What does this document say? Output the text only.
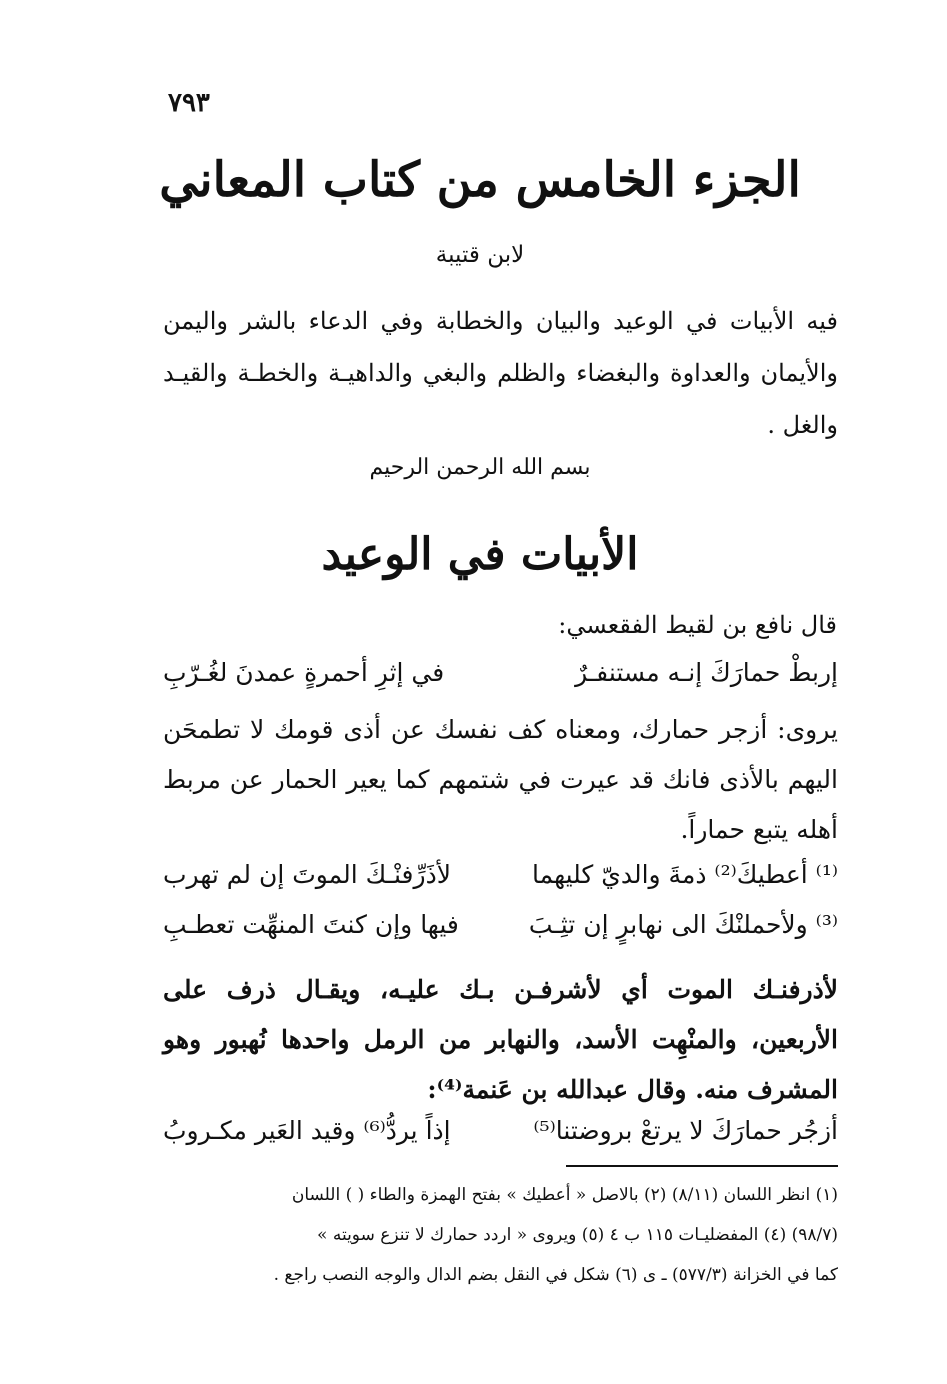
٧٩٣
الجزء الخامس من كتاب المعاني
لابن قتيبة
فيه الأبيات في الوعيد والبيان والخطابة وفي الدعاء بالشر واليمن والأيمان والعداوة والبغضاء والظلم والبغي والداهيـة والخطـة والقيـد والغل .
بسم الله الرحمن الرحيم
الأبيات في الوعيد
قال نافع بن لقيط الفقعسي:
إربطْ حمارَكَ إنـه مستنفـرٌ
في إثرِ أحمرةٍ عمدنَ لغُـرّبِ
يروى: أزجر حمارك، ومعناه كف نفسك عن أذى قومك لا تطمحَن اليهم بالأذى فانك قد عيرت في شتمهم كما يعير الحمار عن مربط أهله يتبع حماراً.
⁽¹⁾ أعطيكَ⁽²⁾ ذمةَ والديّ كليهما
لأذَرِّفنْـكَ الموتَ إن لم تهرب
⁽³⁾ ولأحملنْكَ الى نهابرٍ إن تثِـبَ
فيها وإن كنتَ المنهِّت تعطـبِ
لأذرفنـك الموت أي لأشرفـن بـك عليـه، ويقـال ذرف على الأربعين، والمنْهِت الأسد، والنهابر من الرمل واحدها نُهبور وهو المشرف منه. وقال عبدالله بن عَنمة⁽⁴⁾:
أزجُر حمارَكَ لا يرتعْ بروضتنا⁽⁵⁾
إذاً يردُّ⁽⁶⁾ وقيد العَير مكـروبُ
(١) انظر اللسان (٨/١١) (٢) بالاصل « أعطيك » بفتح الهمزة والطاء ( ) اللسان
(٩٨/٧) (٤) المفضليـات ١١٥ ب ٤ (٥) ويروى « اردد حمارك لا تنزع سويته »
كما في الخزانة (٥٧٧/٣) ـ ى (٦) شكل في النقل بضم الدال والوجه النصب راجع .
